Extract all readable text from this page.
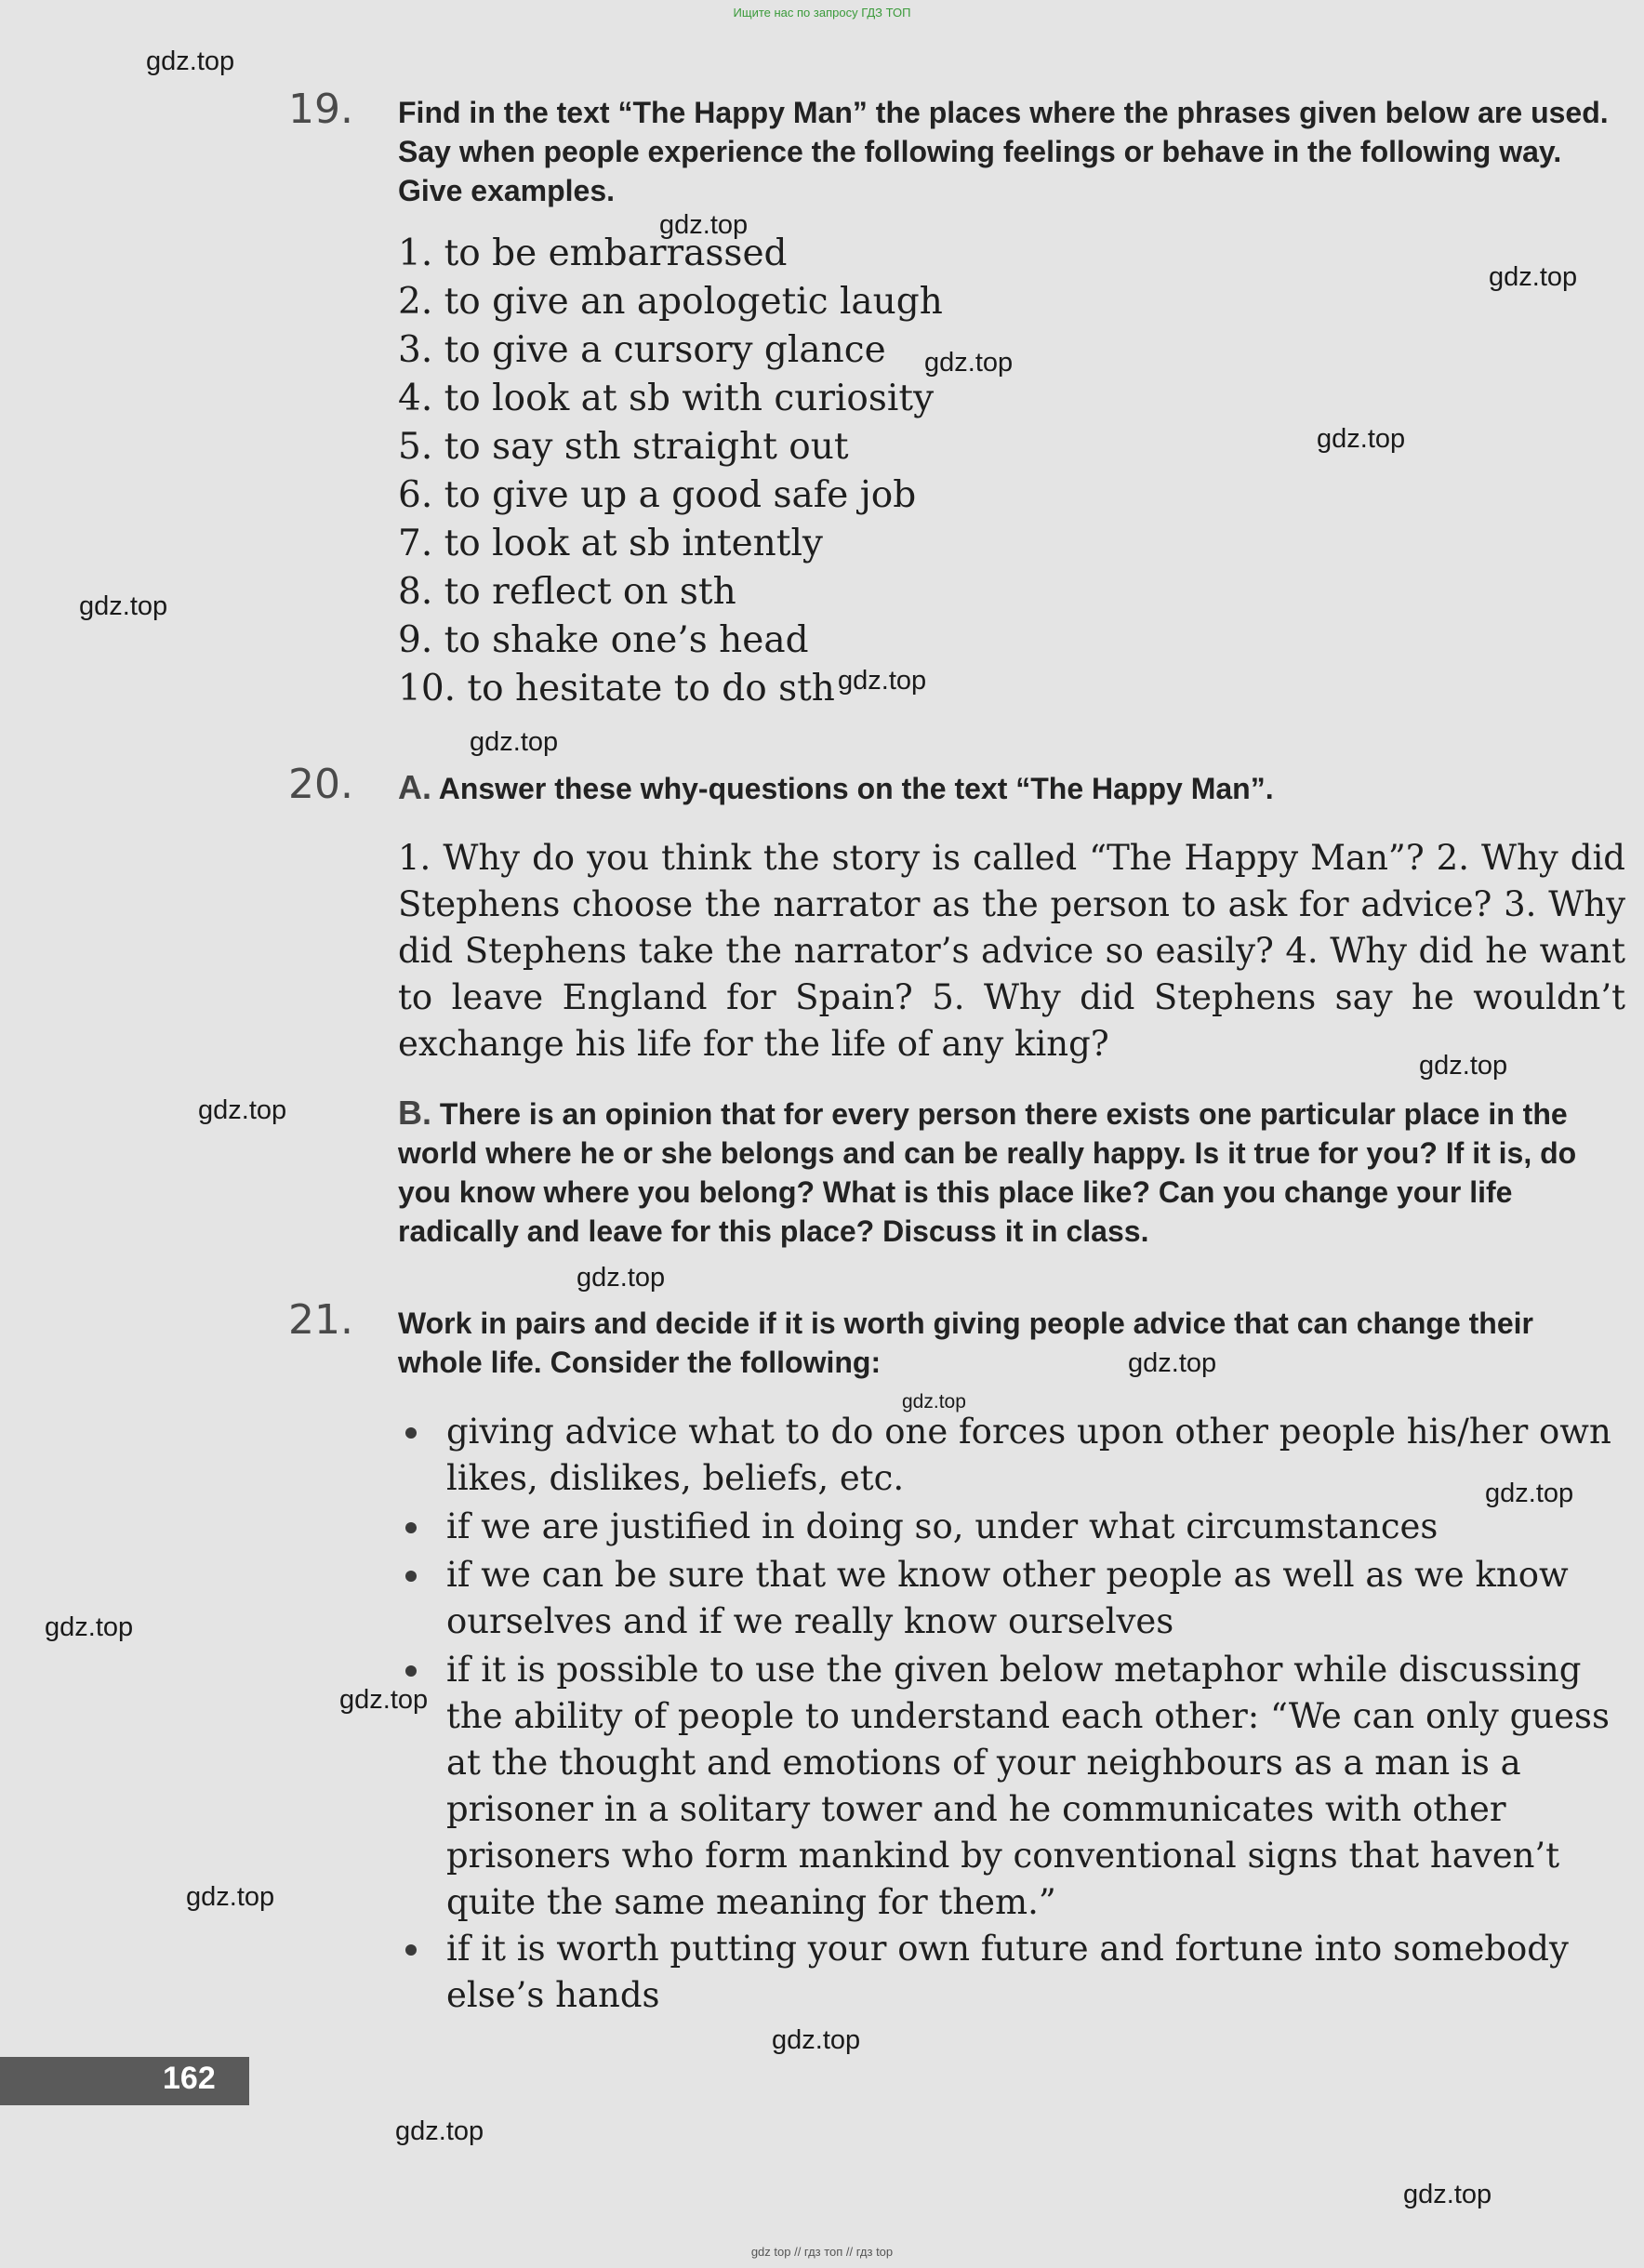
Ищите нас по запросу ГДЗ ТОП
19. Find in the text “The Happy Man” the places where the phrases given below are used. Say when people experience the following feelings or behave in the following way. Give examples.
1. to be embarrassed
2. to give an apologetic laugh
3. to give a cursory glance
4. to look at sb with curiosity
5. to say sth straight out
6. to give up a good safe job
7. to look at sb intently
8. to reflect on sth
9. to shake one’s head
10. to hesitate to do sth
20. A. Answer these why-questions on the text “The Happy Man”.
1. Why do you think the story is called “The Happy Man”? 2. Why did Stephens choose the narrator as the person to ask for advice? 3. Why did Stephens take the narrator’s advice so easily? 4. Why did he want to leave England for Spain? 5. Why did Stephens say he wouldn’t exchange his life for the life of any king?
B. There is an opinion that for every person there exists one particular place in the world where he or she belongs and can be really happy. Is it true for you? If it is, do you know where you belong? What is this place like? Can you change your life radically and leave for this place? Discuss it in class.
21. Work in pairs and decide if it is worth giving people advice that can change their whole life. Consider the following:
giving advice what to do one forces upon other people his/her own likes, dislikes, beliefs, etc.
if we are justified in doing so, under what circumstances
if we can be sure that we know other people as well as we know ourselves and if we really know ourselves
if it is possible to use the given below metaphor while discussing the ability of people to understand each other: “We can only guess at the thought and emotions of your neighbours as a man is a prisoner in a solitary tower and he communicates with other prisoners who form mankind by conventional signs that haven’t quite the same meaning for them.”
if it is worth putting your own future and fortune into somebody else’s hands
162
gdz.top
gdz.top
gdz.top
gdz.top
gdz.top
gdz.top
gdz.top
gdz.top
gdz.top
gdz.top
gdz.top
gdz.top
gdz.top
gdz.top
gdz.top
gdz.top
gdz.top
gdz.top
gdz.top
gdz.top
gdz top // гдз топ // гдз top
